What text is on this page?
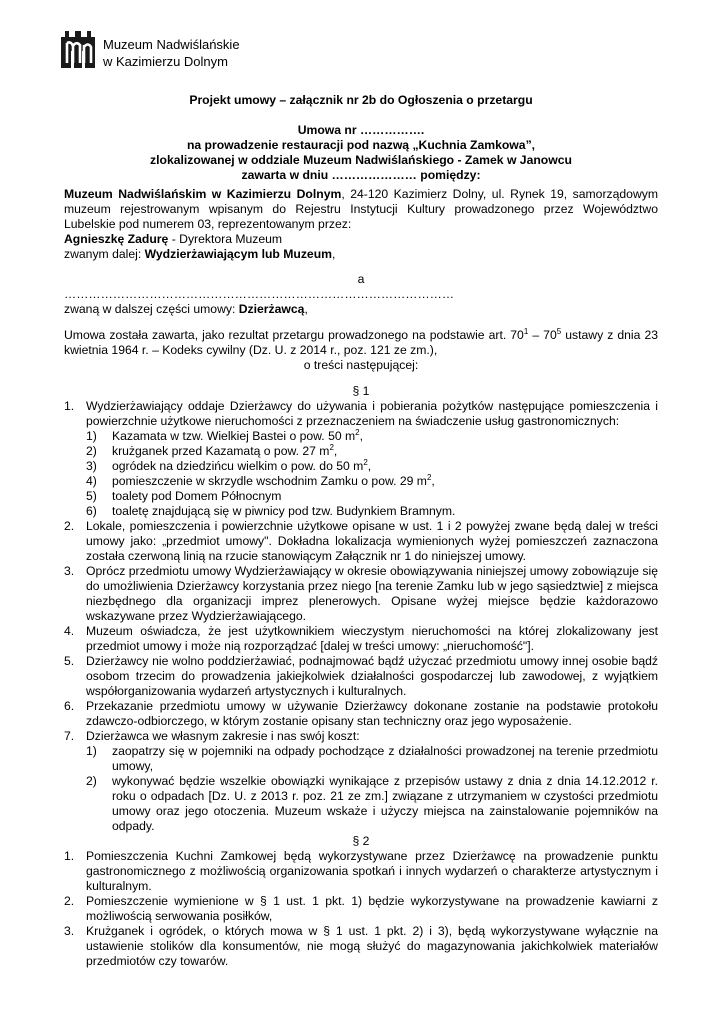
Muzeum Nadwiślańskie
w Kazimierzu Dolnym
Projekt umowy – załącznik nr 2b do Ogłoszenia o przetargu
Umowa nr …………….
na prowadzenie restauracji pod nazwą „Kuchnia Zamkowa”,
zlokalizowanej w oddziale Muzeum Nadwiślańskiego - Zamek w Janowcu
zawarta w dniu ………………… pomiędzy:
Muzeum Nadwiślańskim w Kazimierzu Dolnym, 24-120 Kazimierz Dolny, ul. Rynek 19, samorządowym muzeum rejestrowanym wpisanym do Rejestru Instytucji Kultury prowadzonego przez Województwo Lubelskie pod numerem 03, reprezentowanym przez:
Agnieszkę Zadurę - Dyrektora Muzeum
zwanym dalej: Wydzierżawiającym lub Muzeum,
a
……………………………………………………………………………………
zwaną w dalszej części umowy: Dzierżawcą,
Umowa została zawarta, jako rezultat przetargu prowadzonego na podstawie art. $70^1 - 70^5$ ustawy z dnia 23 kwietnia 1964 r. – Kodeks cywilny (Dz. U. z 2014 r., poz. 121 ze zm.),
o treści następującej:
§ 1
1. Wydzierżawiający oddaje Dzierżawcy do używania i pobierania pożytków następujące pomieszczenia i powierzchnie użytkowe nieruchomości z przeznaczeniem na świadczenie usług gastronomicznych:
1) Kazamata w tzw. Wielkiej Bastei o pow. 50 $m^2$,
2) krużganek przed Kazamatą o pow. 27 $m^2$,
3) ogródek na dziedzińcu wielkim o pow. do 50 $m^2$,
4) pomieszczenie w skrzydle wschodnim Zamku o pow. 29 $m^2$,
5) toalety pod Domem Północnym
6) toaletę znajdującą się w piwnicy pod tzw. Budynkiem Bramnym.
2. Lokale, pomieszczenia i powierzchnie użytkowe opisane w ust. 1 i 2 powyżej zwane będą dalej w treści umowy jako: „przedmiot umowy". Dokładna lokalizacja wymienionych wyżej pomieszczeń zaznaczona została czerwoną linią na rzucie stanowiącym Załącznik nr 1 do niniejszej umowy.
3. Oprócz przedmiotu umowy Wydzierżawiający w okresie obowiązywania niniejszej umowy zobowiązuje się do umożliwienia Dzierżawcy korzystania przez niego [na terenie Zamku lub w jego sąsiedztwie] z miejsca niezbędnego dla organizacji imprez plenerowych. Opisane wyżej miejsce będzie każdorazowo wskazywane przez Wydzierżawiającego.
4. Muzeum oświadcza, że jest użytkownikiem wieczystym nieruchomości na której zlokalizowany jest przedmiot umowy i może nią rozporządzać [dalej w treści umowy: „nieruchomość"].
5. Dzierżawcy nie wolno poddzierżawiać, podnajmować bądź użyczać przedmiotu umowy innej osobie bądź osobom trzecim do prowadzenia jakiejkolwiek działalności gospodarczej lub zawodowej, z wyjątkiem współorganizowania wydarzeń artystycznych i kulturalnych.
6. Przekazanie przedmiotu umowy w używanie Dzierżawcy dokonane zostanie na podstawie protokołu zdawczo-odbiorczego, w którym zostanie opisany stan techniczny oraz jego wyposażenie.
7. Dzierżawca we własnym zakresie i nas swój koszt:
1) zaopatrzy się w pojemniki na odpady pochodzące z działalności prowadzonej na terenie przedmiotu umowy,
2) wykonywać będzie wszelkie obowiązki wynikające z przepisów ustawy z dnia z dnia 14.12.2012 r. roku o odpadach [Dz. U. z 2013 r. poz. 21 ze zm.] związane z utrzymaniem w czystości przedmiotu umowy oraz jego otoczenia. Muzeum wskaże i użyczy miejsca na zainstalowanie pojemników na odpady.
§ 2
1. Pomieszczenia Kuchni Zamkowej będą wykorzystywane przez Dzierżawcę na prowadzenie punktu gastronomicznego z możliwością organizowania spotkań i innych wydarzeń o charakterze artystycznym i kulturalnym.
2. Pomieszczenie wymienione w § 1 ust. 1 pkt. 1) będzie wykorzystywane na prowadzenie kawiarni z możliwością serwowania posiłków,
3. Krużganek i ogródek, o których mowa w § 1 ust. 1 pkt. 2) i 3), będą wykorzystywane wyłącznie na ustawienie stolików dla konsumentów, nie mogą służyć do magazynowania jakichkolwiek materiałów przedmiotów czy towarów.
